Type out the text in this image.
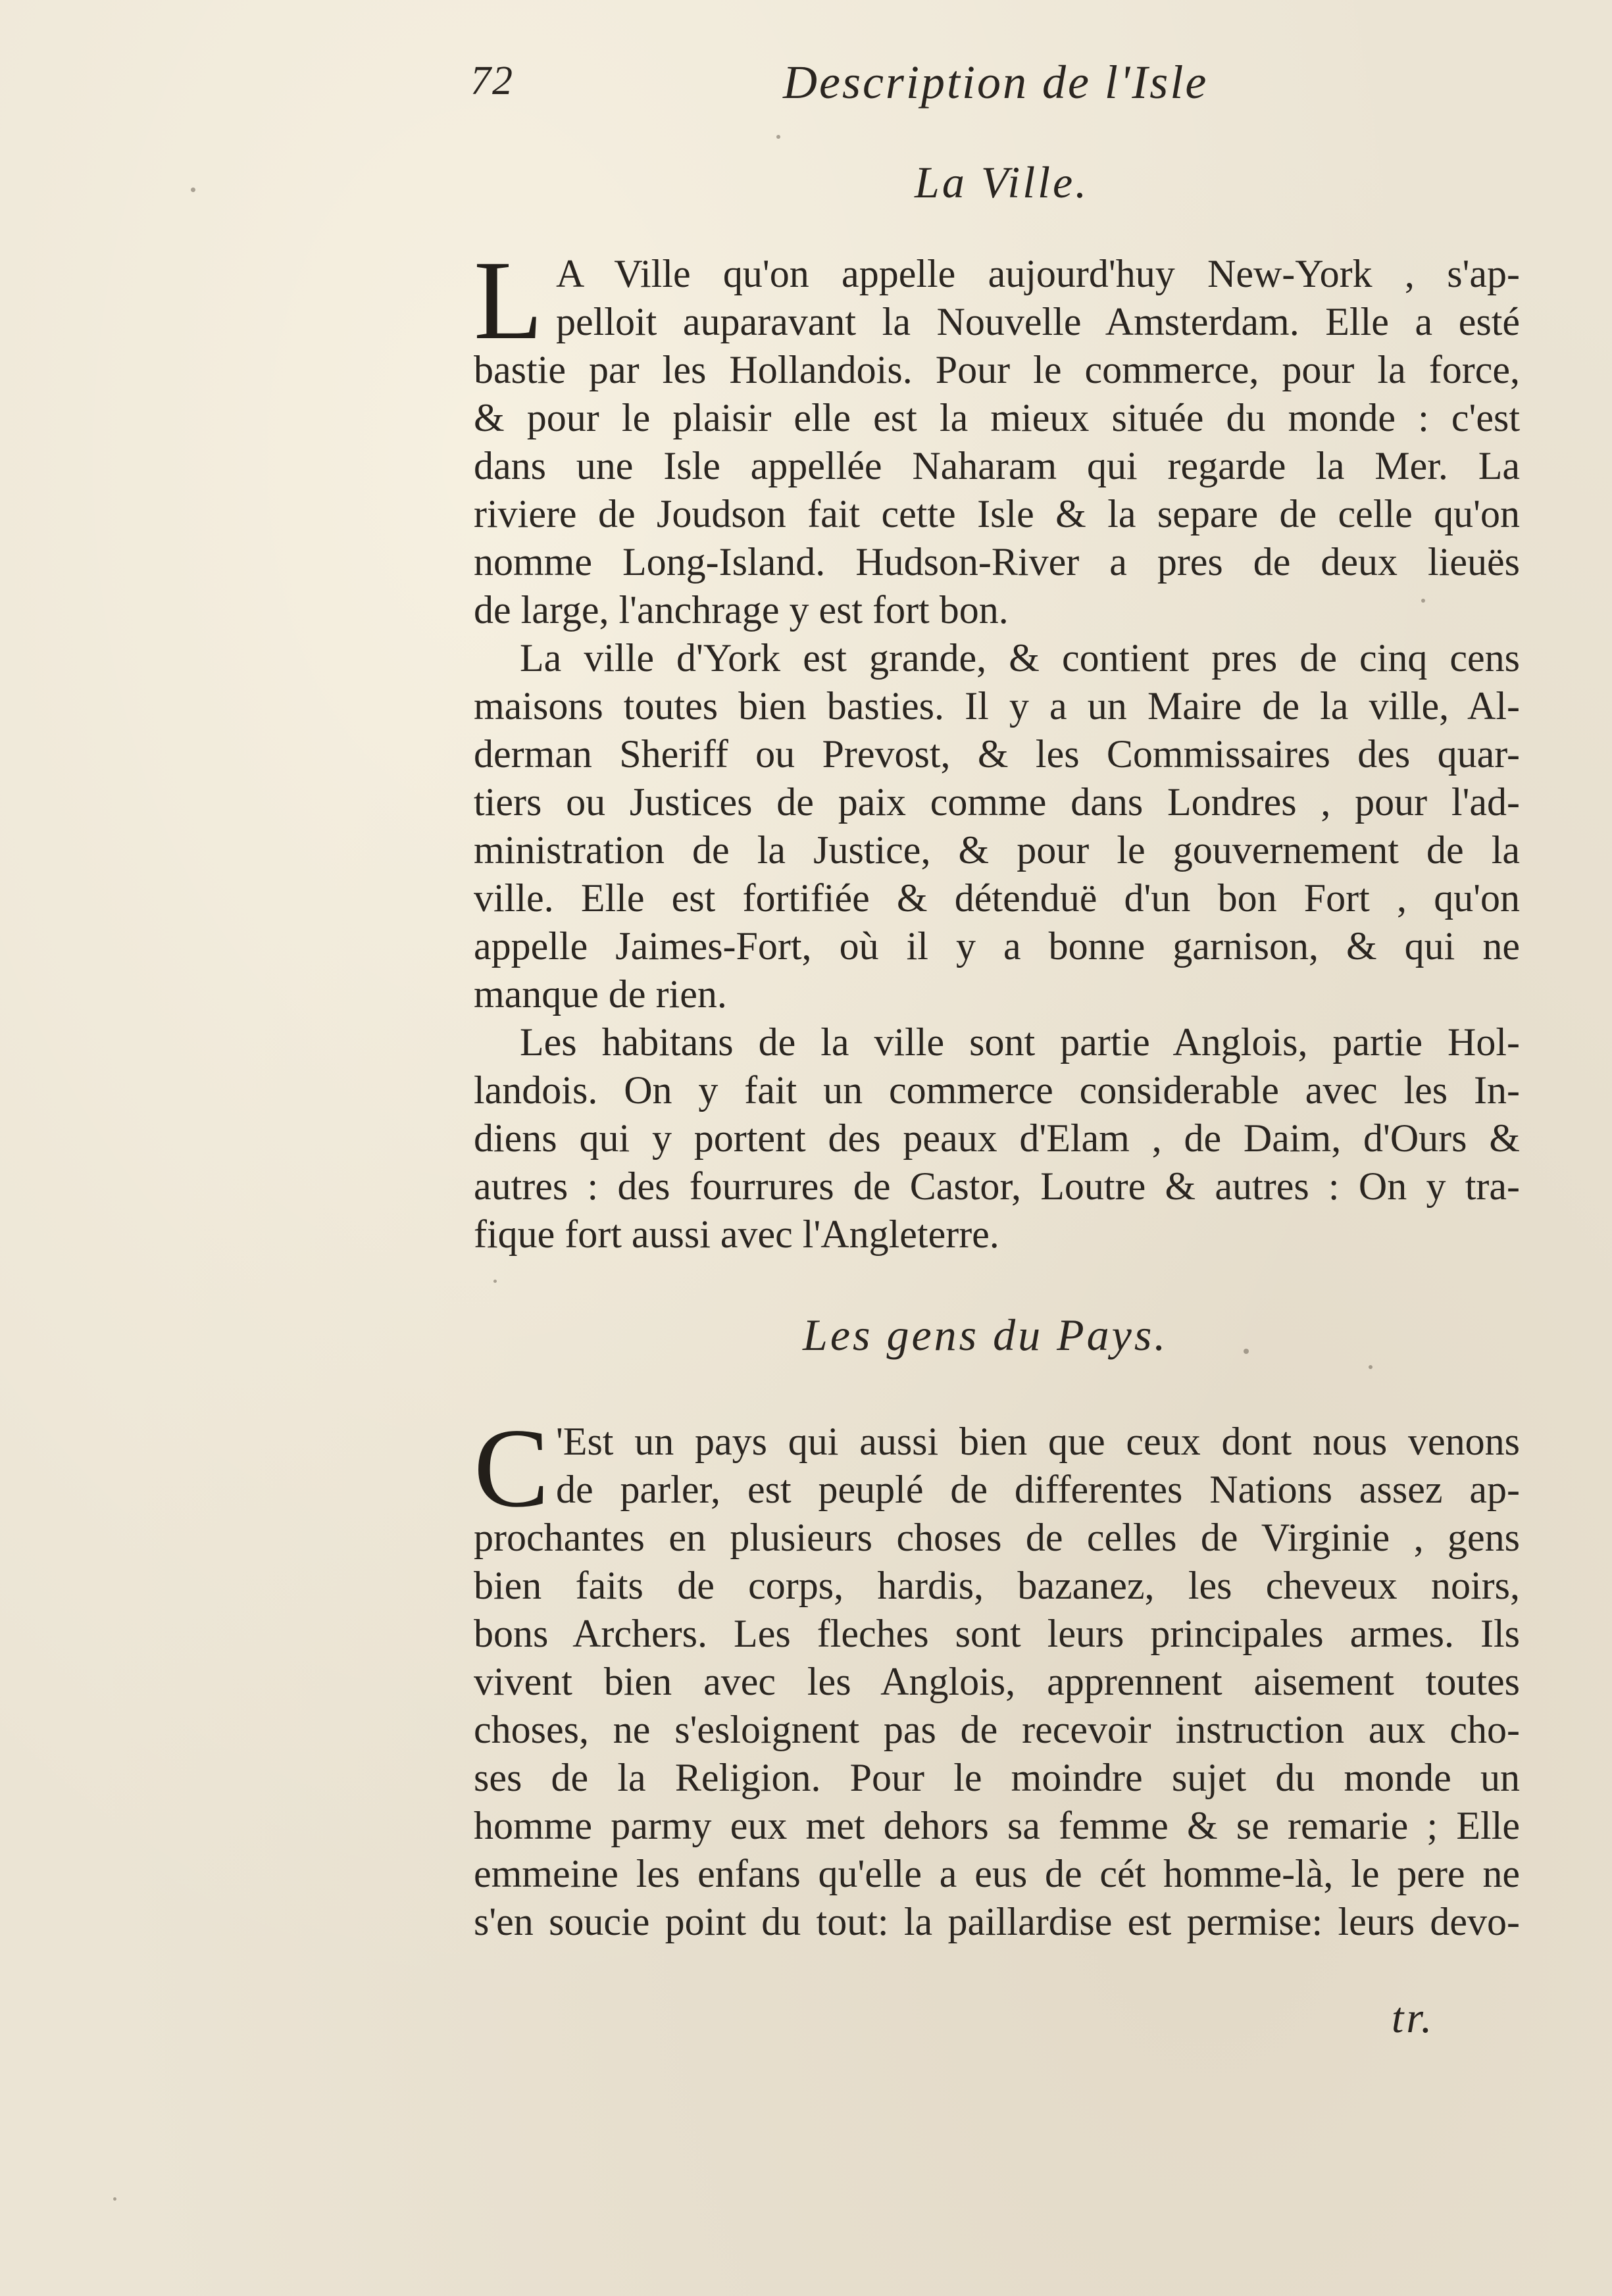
72	Description de l'Isle
La Ville.
L A Ville qu'on appelle aujourd'huy New-York , s'ap-
pelloit auparavant la Nouvelle Amsterdam. Elle a esté
bastie par les Hollandois. Pour le commerce, pour la force,
& pour le plaisir elle est la mieux située du monde : c'est
dans une Isle appellée Naharam qui regarde la Mer. La
riviere de Joudson fait cette Isle & la separe de celle qu'on
nomme Long-Island. Hudson-River a pres de deux lieuës
de large, l'anchrage y est fort bon.
La ville d'York est grande, & contient pres de cinq cens
maisons toutes bien basties. Il y a un Maire de la ville, Al-
derman Sheriff ou Prevost, & les Commissaires des quar-
tiers ou Justices de paix comme dans Londres , pour l'ad-
ministration de la Justice, & pour le gouvernement de la
ville. Elle est fortifiée & détenduë d'un bon Fort , qu'on
appelle Jaimes-Fort, où il y a bonne garnison, & qui ne
manque de rien.
Les habitans de la ville sont partie Anglois, partie Hol-
landois. On y fait un commerce considerable avec les In-
diens qui y portent des peaux d'Elam , de Daim, d'Ours &
autres : des fourrures de Castor, Loutre & autres : On y tra-
fique fort aussi avec l'Angleterre.
Les gens du Pays.
C 'Est un pays qui aussi bien que ceux dont nous venons
de parler, est peuplé de differentes Nations assez ap-
prochantes en plusieurs choses de celles de Virginie , gens
bien faits de corps, hardis, bazanez, les cheveux noirs,
bons Archers. Les fleches sont leurs principales armes. Ils
vivent bien avec les Anglois, apprennent aisement toutes
choses, ne s'esloignent pas de recevoir instruction aux cho-
ses de la Religion. Pour le moindre sujet du monde un
homme parmy eux met dehors sa femme & se remarie ; Elle
emmeine les enfans qu'elle a eus de cét homme-là, le pere ne
s'en soucie point du tout: la paillardise est permise: leurs devo-
tr.
